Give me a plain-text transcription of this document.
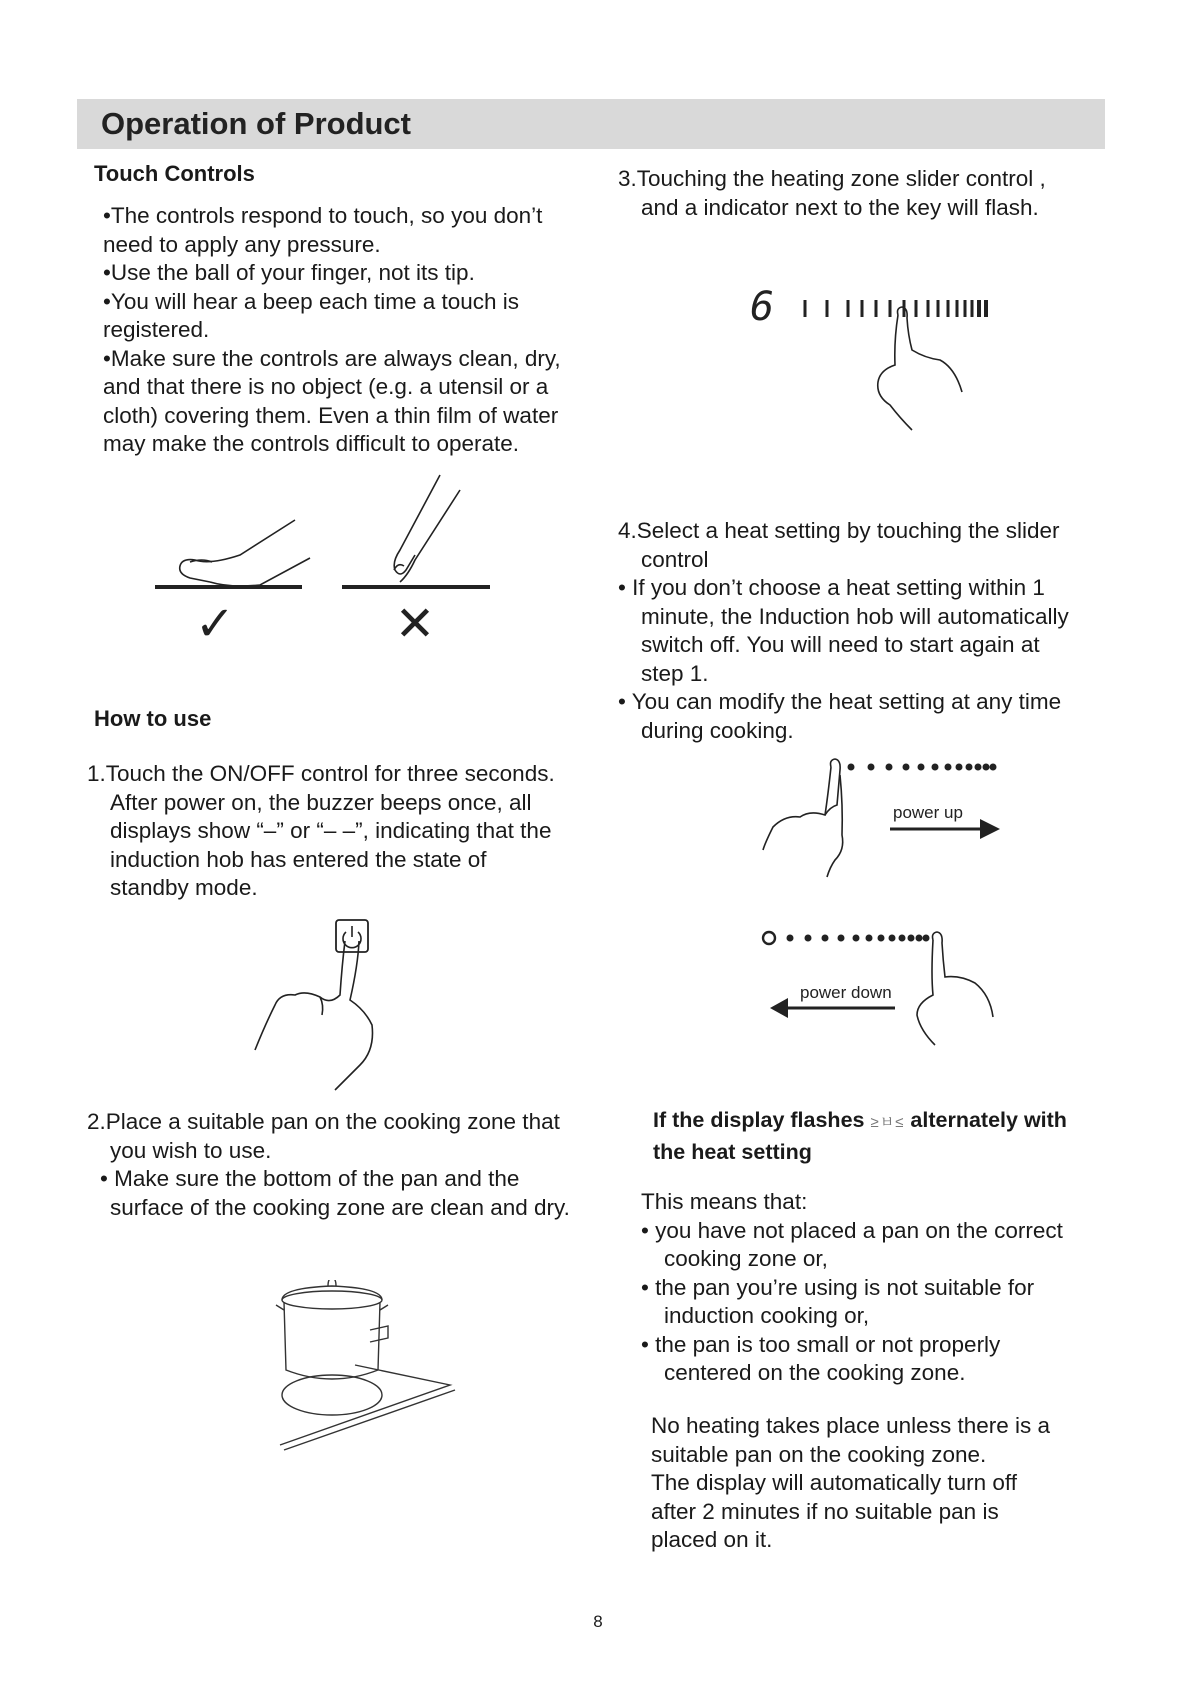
Operation of Product
Touch Controls
•The controls respond to touch, so you don’t
need to apply any pressure.
•Use the ball of your finger, not its tip.
•You will hear a beep each time a touch is
registered.
•Make sure the controls are always clean, dry,
and that there is no object (e.g. a utensil or a
cloth) covering them. Even a thin film of water
may make the controls difficult to operate.
✓	✕
How to use
1.Touch the ON/OFF control for three seconds.
After power on, the buzzer beeps once, all
displays show “–” or “– –”, indicating that the
induction hob has entered the state of
standby mode.
2.Place a suitable pan on the cooking zone that
you wish to use.
• Make sure the bottom of the pan and the
surface of the cooking zone are clean and dry.
3.Touching the heating zone slider control ,
and a indicator next to the key will flash.
6
4.Select a heat setting by touching the slider
control
• If you don’t choose a heat setting within 1
minute, the Induction hob will automatically
switch off. You will need to start again at
step 1.
• You can modify the heat setting at any time
during cooking.
power up
power down
If the display flashes ≥ㅂ≤ alternately with
the heat setting
This means that:
• you have not placed a pan on the correct
cooking zone or,
• the pan you’re using is not suitable for
induction cooking or,
• the pan is too small or not properly
centered on the cooking zone.
No heating takes place unless there is a
suitable pan on the cooking zone.
The display will automatically turn off
after 2 minutes if no suitable pan is
placed on it.
8
